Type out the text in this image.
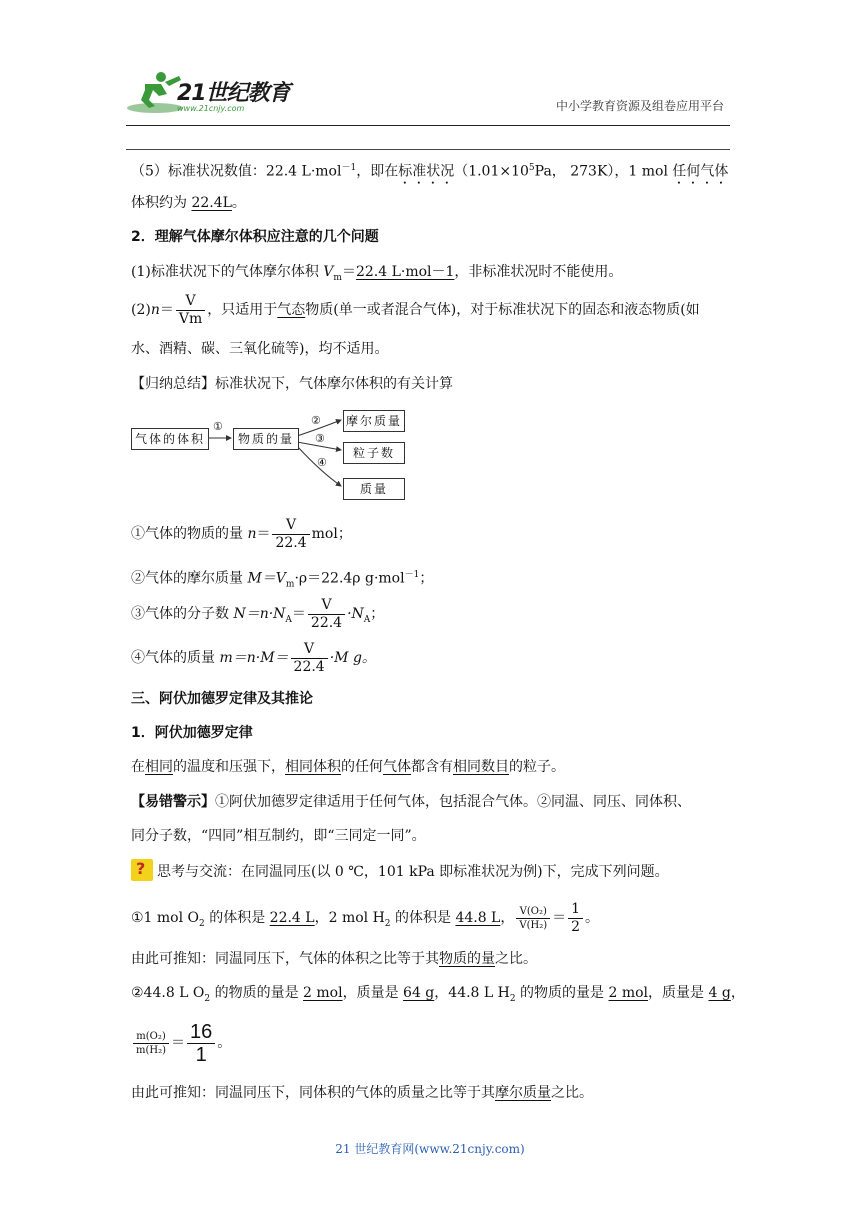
21世纪教育
www.21cnjy.com	中小学教育资源及组卷应用平台
（5）标准状况数值：22.4 L·mol$^{-1}$，即在标准状况（$1.01\times 10^5Pa$， 273K），1 mol 任何气体
体积约为 22.4L。
2．理解气体摩尔体积应注意的几个问题
(1)标准状况下的气体摩尔体积 $V_m=22.4$ L·mol－1，非标准状况时不能使用。
$(2)n= \frac{V}{Vm}$ ，只适用于气态物质(单一或者混合气体)，对于标准状况下的固态和液态物质(如
水、酒精、碳、三氧化硫等)，均不适用。
【归纳总结】标准状况下，气体摩尔体积的有关计算
气体的体积	物质的量
摩尔质量
粒子数
质量
①	②
③
④
①气体的物质的量 $n= \frac{V}{22.4}$ mol；
②气体的摩尔质量 $M=V_m\cdot\rho=22.4\rho$ g·mol$^{-1}$；
③气体的分子数 $N=n\cdot N_A= \frac{V}{22.4} \cdot N_A$；
④气体的质量 $m=n\cdot M= \frac{V}{22.4} \cdot M$ g。
三、阿伏加德罗定律及其推论
1．阿伏加德罗定律
在相同的温度和压强下，相同体积的任何气体都含有相同数目的粒子。
【易错警示】①阿伏加德罗定律适用于任何气体，包括混合气体。②同温、同压、同体积、
同分子数，“四同”相互制约，即“三同定一同”。
? 思考与交流：在同温同压(以 0 ℃，101 kPa 即标准状况为例)下，完成下列问题。
①1 mol $O_2$ 的体积是 22.4 L，2 mol $H_2$ 的体积是 44.8 L， $\frac{\text{V(O₂)}}{\text{V(H₂)}} = \frac{1}{2}$ 。
由此可推知：同温同压下，气体的体积之比等于其物质的量之比。
②44.8 L $O_2$ 的物质的量是 2 mol，质量是 64 g，44.8 L $H_2$ 的物质的量是 2 mol，质量是 4 g，
$\frac{\text{m(O₂)}}{\text{m(H₂)}} = \frac{16}{1}$ 。
由此可推知：同温同压下，同体积的气体的质量之比等于其摩尔质量之比。
21 世纪教育网(www.21cnjy.com)
